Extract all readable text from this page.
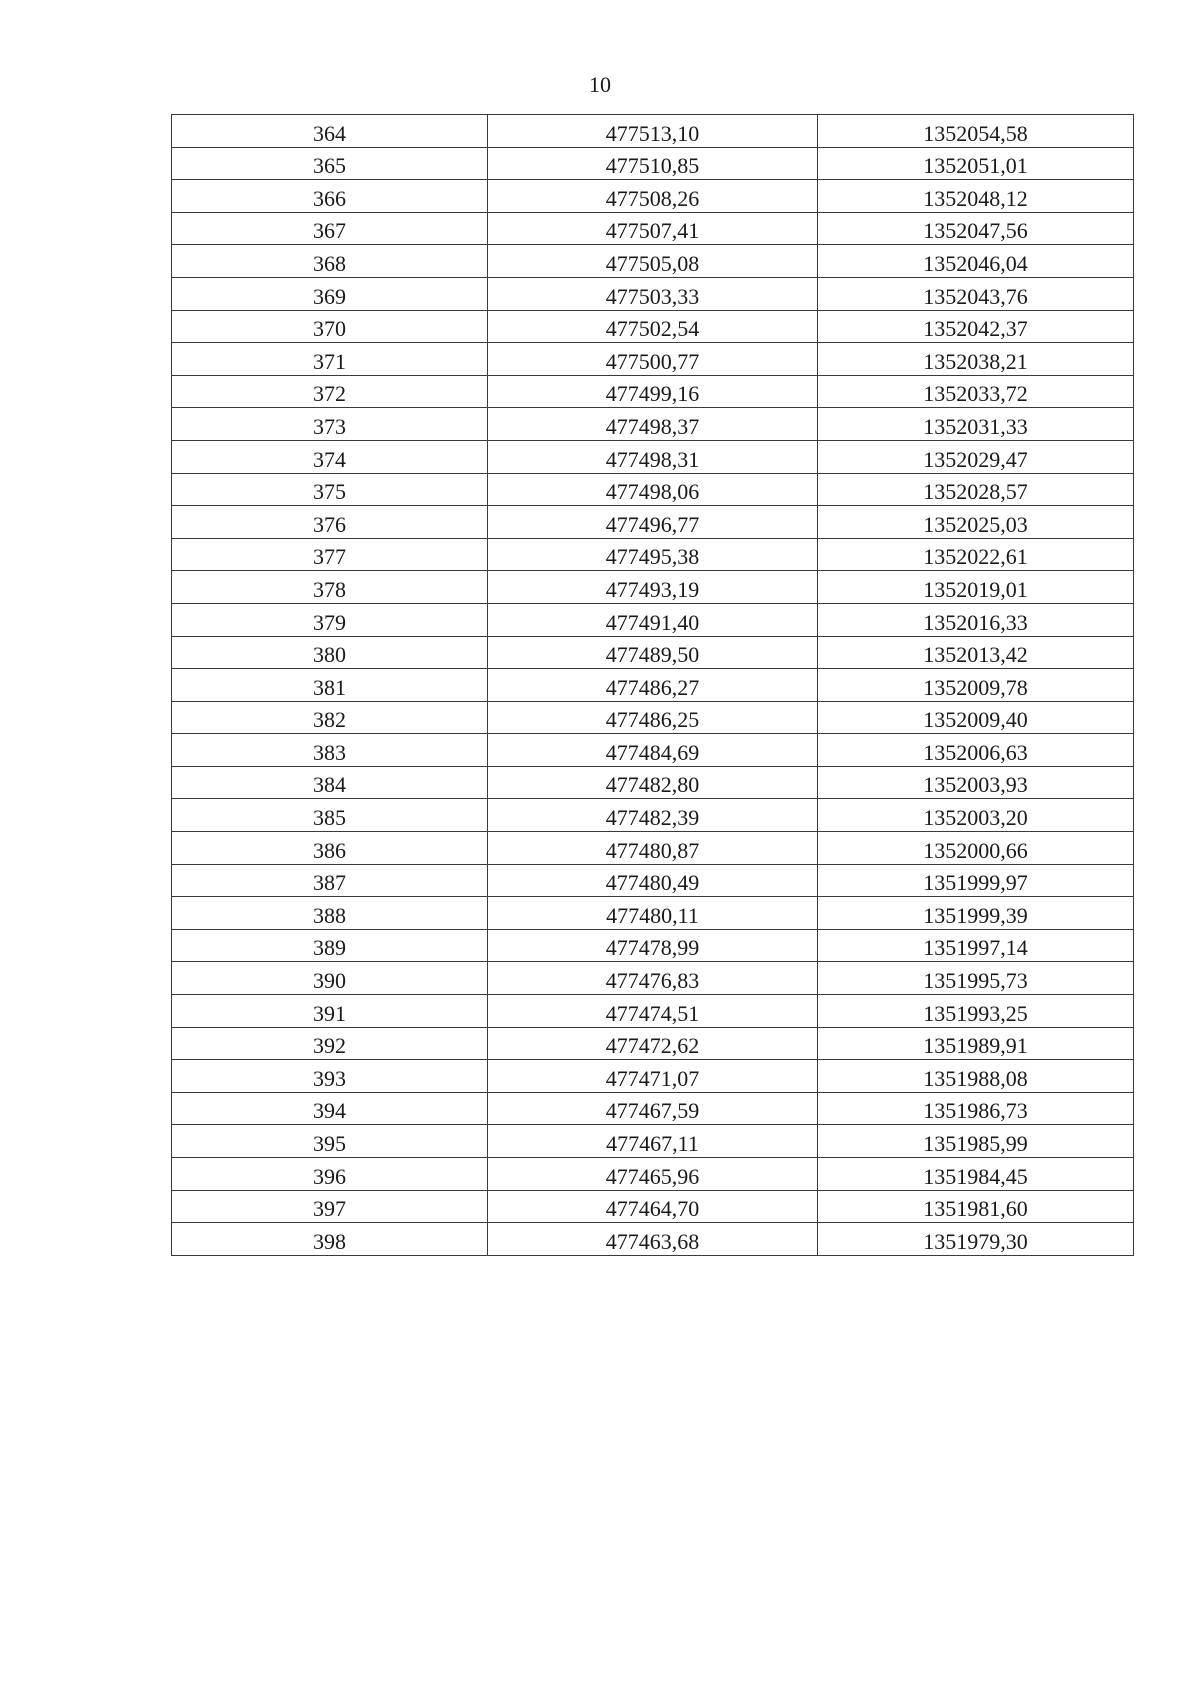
10
364	477513,10	1352054,58
365	477510,85	1352051,01
366	477508,26	1352048,12
367	477507,41	1352047,56
368	477505,08	1352046,04
369	477503,33	1352043,76
370	477502,54	1352042,37
371	477500,77	1352038,21
372	477499,16	1352033,72
373	477498,37	1352031,33
374	477498,31	1352029,47
375	477498,06	1352028,57
376	477496,77	1352025,03
377	477495,38	1352022,61
378	477493,19	1352019,01
379	477491,40	1352016,33
380	477489,50	1352013,42
381	477486,27	1352009,78
382	477486,25	1352009,40
383	477484,69	1352006,63
384	477482,80	1352003,93
385	477482,39	1352003,20
386	477480,87	1352000,66
387	477480,49	1351999,97
388	477480,11	1351999,39
389	477478,99	1351997,14
390	477476,83	1351995,73
391	477474,51	1351993,25
392	477472,62	1351989,91
393	477471,07	1351988,08
394	477467,59	1351986,73
395	477467,11	1351985,99
396	477465,96	1351984,45
397	477464,70	1351981,60
398	477463,68	1351979,30
